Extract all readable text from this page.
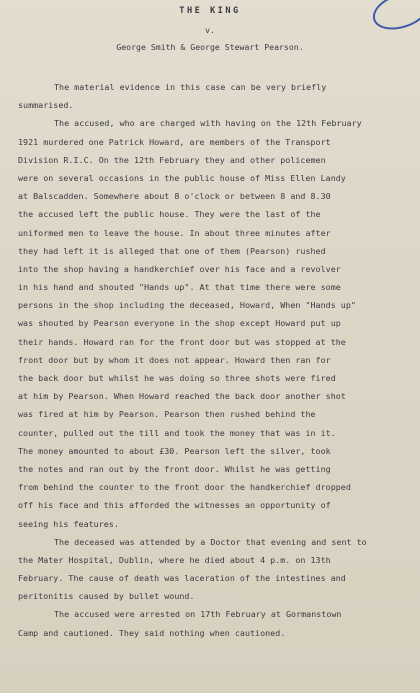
THE KING
v.
George Smith & George Stewart Pearson.
The material evidence in this case can be very briefly
summarised.
The accused, who are charged with having on the 12th February
1921 murdered one Patrick Howard, are members of the Transport
Division R.I.C. On the 12th February they and other policemen
were on several occasions in the public house of Miss Ellen Landy
at Balscadden. Somewhere about 8 o'clock or between 8 and 8.30
the accused left the public house. They were the last of the
uniformed men to leave the house. In about three minutes after
they had left it is alleged that one of them (Pearson) rushed
into the shop having a handkerchief over his face and a revolver
in his hand and shouted "Hands up". At that time there were some
persons in the shop including the deceased, Howard, When "Hands up"
was shouted by Pearson everyone in the shop except Howard put up
their hands. Howard ran for the front door but was stopped at the
front door but by whom it does not appear. Howard then ran for
the back door but whilst he was doing so three shots were fired
at him by Pearson. When Howard reached the back door another shot
was fired at him by Pearson. Pearson then rushed behind the
counter, pulled out the till and took the money that was in it.
The money amounted to about £30. Pearson left the silver, took
the notes and ran out by the front door. Whilst he was getting
from behind the counter to the front door the handkerchief dropped
off his face and this afforded the witnesses an opportunity of
seeing his features.
The deceased was attended by a Doctor that evening and sent to
the Mater Hospital, Dublin, where he died about 4 p.m. on 13th
February. The cause of death was laceration of the intestines and
peritonitis caused by bullet wound.
The accused were arrested on 17th February at Gormanstown
Camp and cautioned. They said nothing when cautioned.
